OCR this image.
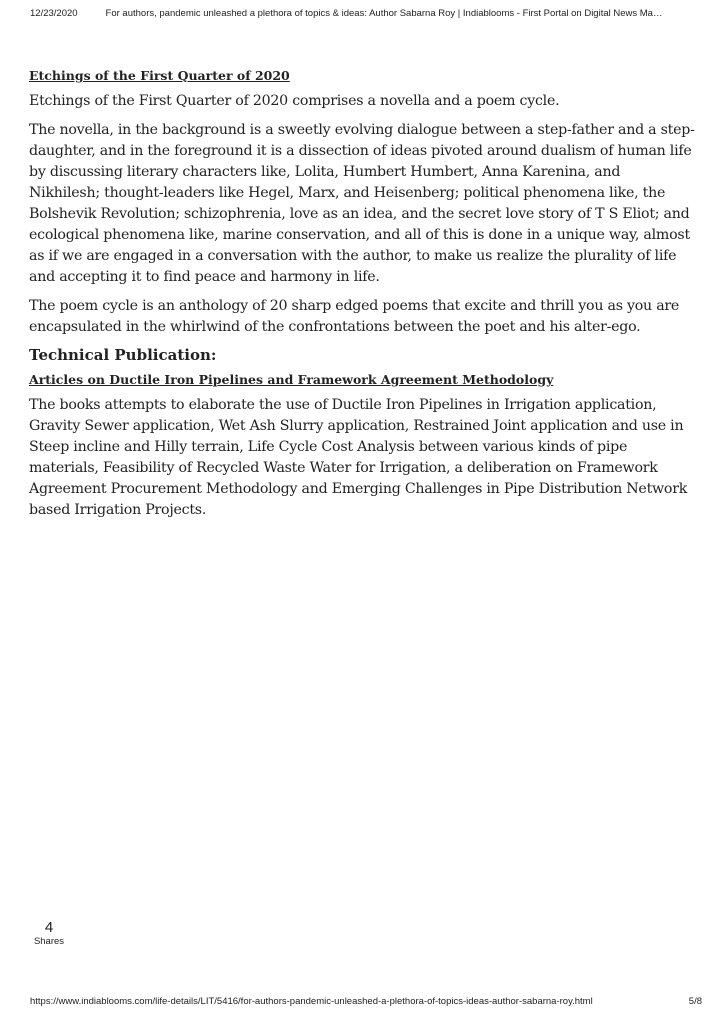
12/23/2020	For authors, pandemic unleashed a plethora of topics & ideas: Author Sabarna Roy | Indiablooms - First Portal on Digital News Ma…
Etchings of the First Quarter of 2020

Etchings of the First Quarter of 2020 comprises a novella and a poem cycle.

The novella, in the background is a sweetly evolving dialogue between a step-father and a step-daughter, and in the foreground it is a dissection of ideas pivoted around dualism of human life by discussing literary characters like, Lolita, Humbert Humbert, Anna Karenina, and Nikhilesh; thought-leaders like Hegel, Marx, and Heisenberg; political phenomena like, the Bolshevik Revolution; schizophrenia, love as an idea, and the secret love story of T S Eliot; and ecological phenomena like, marine conservation, and all of this is done in a unique way, almost as if we are engaged in a conversation with the author, to make us realize the plurality of life and accepting it to find peace and harmony in life.

The poem cycle is an anthology of 20 sharp edged poems that excite and thrill you as you are encapsulated in the whirlwind of the confrontations between the poet and his alter-ego.

Technical Publication:
Articles on Ductile Iron Pipelines and Framework Agreement Methodology

The books attempts to elaborate the use of Ductile Iron Pipelines in Irrigation application, Gravity Sewer application, Wet Ash Slurry application, Restrained Joint application and use in Steep incline and Hilly terrain, Life Cycle Cost Analysis between various kinds of pipe materials, Feasibility of Recycled Waste Water for Irrigation, a deliberation on Framework Agreement Procurement Methodology and Emerging Challenges in Pipe Distribution Network based Irrigation Projects.

4
Shares
https://www.indiablooms.com/life-details/LIT/5416/for-authors-pandemic-unleashed-a-plethora-of-topics-ideas-author-sabarna-roy.html	5/8
